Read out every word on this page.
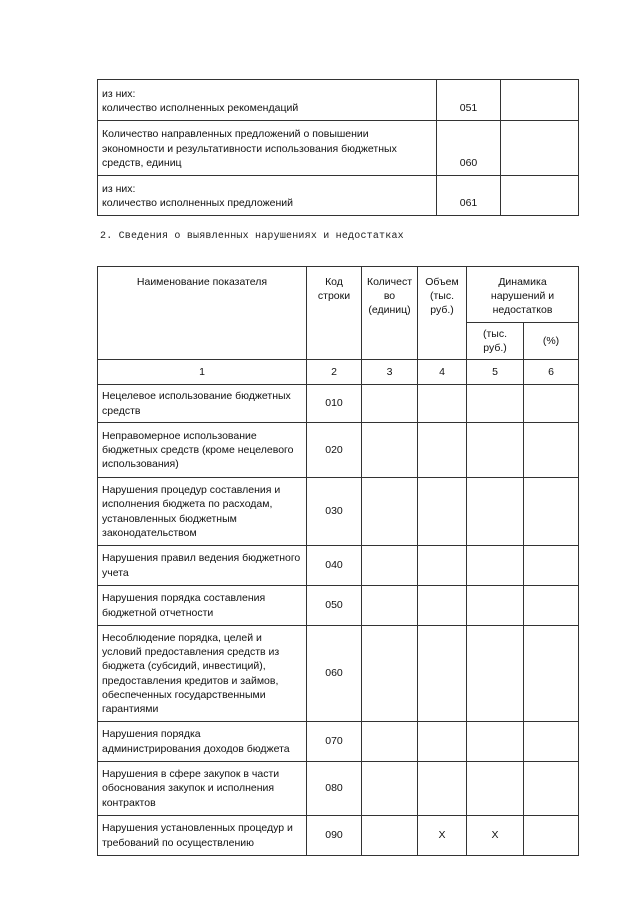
из них:
количество исполненных рекомендаций	051	

Количество направленных предложений о повышении
экономности и результативности использования бюджетных
средств, единиц	060	

из них:
количество исполненных предложений	061	
2. Сведения о выявленных нарушениях и недостатках
Наименование показателя	Код строки	Количест во (единиц)	Объем (тыс. руб.)	Динамика нарушений и недостатков	
				(тыс. руб.)	(%)
1	2	3	4	5	6
Нецелевое использование бюджетных средств	010				
Неправомерное использование бюджетных средств (кроме нецелевого использования)	020				
Нарушения процедур составления и исполнения бюджета по расходам, установленных бюджетным законодательством	030				
Нарушения правил ведения бюджетного учета	040				
Нарушения порядка составления бюджетной отчетности	050				
Несоблюдение порядка, целей и условий предоставления средств из бюджета (субсидий, инвестиций), предоставления кредитов и займов, обеспеченных государственными гарантиями	060				
Нарушения порядка администрирования доходов бюджета	070				
Нарушения в сфере закупок в части обоснования закупок и исполнения контрактов	080				
Нарушения установленных процедур и требований по осуществлению	090		X	X	
